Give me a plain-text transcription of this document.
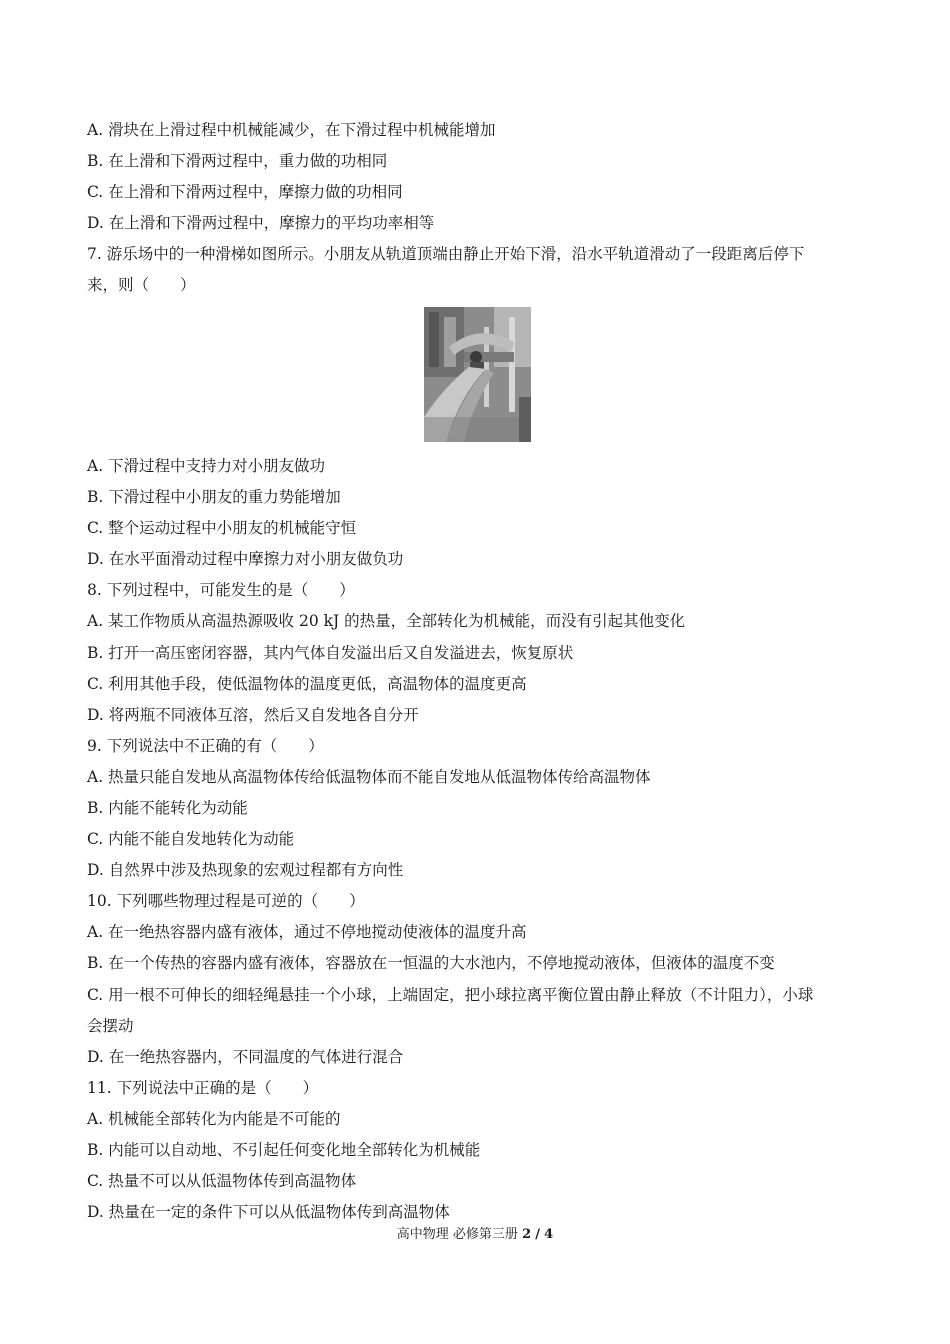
A. 滑块在上滑过程中机械能减少，在下滑过程中机械能增加
B. 在上滑和下滑两过程中，重力做的功相同
C. 在上滑和下滑两过程中，摩擦力做的功相同
D. 在上滑和下滑两过程中，摩擦力的平均功率相等
7. 游乐场中的一种滑梯如图所示。小朋友从轨道顶端由静止开始下滑，沿水平轨道滑动了一段距离后停下
来，则（　　）
A. 下滑过程中支持力对小朋友做功
B. 下滑过程中小朋友的重力势能增加
C. 整个运动过程中小朋友的机械能守恒
D. 在水平面滑动过程中摩擦力对小朋友做负功
8. 下列过程中，可能发生的是（　　）
A. 某工作物质从高温热源吸收 20 kJ 的热量，全部转化为机械能，而没有引起其他变化
B. 打开一高压密闭容器，其内气体自发溢出后又自发溢进去，恢复原状
C. 利用其他手段，使低温物体的温度更低，高温物体的温度更高
D. 将两瓶不同液体互溶，然后又自发地各自分开
9. 下列说法中不正确的有（　　）
A. 热量只能自发地从高温物体传给低温物体而不能自发地从低温物体传给高温物体
B. 内能不能转化为动能
C. 内能不能自发地转化为动能
D. 自然界中涉及热现象的宏观过程都有方向性
10. 下列哪些物理过程是可逆的（　　）
A. 在一绝热容器内盛有液体，通过不停地搅动使液体的温度升高
B. 在一个传热的容器内盛有液体，容器放在一恒温的大水池内，不停地搅动液体，但液体的温度不变
C. 用一根不可伸长的细轻绳悬挂一个小球，上端固定，把小球拉离平衡位置由静止释放（不计阻力），小球
会摆动
D. 在一绝热容器内，不同温度的气体进行混合
11. 下列说法中正确的是（　　）
A. 机械能全部转化为内能是不可能的
B. 内能可以自动地、不引起任何变化地全部转化为机械能
C. 热量不可以从低温物体传到高温物体
D. 热量在一定的条件下可以从低温物体传到高温物体
高中物理 必修第三册 2 / 4
